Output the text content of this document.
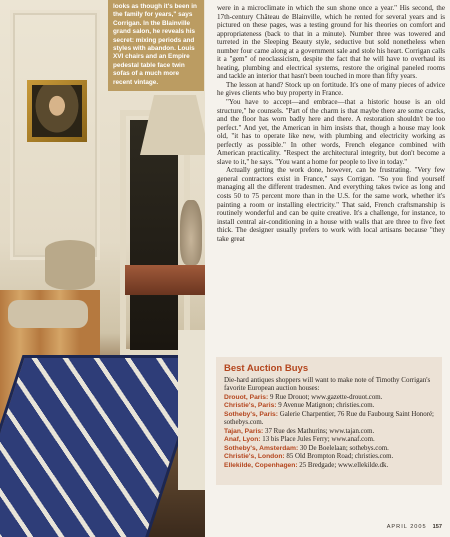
looks as though it's been in the family for years," says Corrigan. In the Blainville grand salon, he reveals his secret: mixing periods and styles with abandon. Louis XVI chairs and an Empire pedestal table face twin sofas of a much more recent vintage.

were in a microclimate in which the sun shone once a year." His second, the 17th-century Château de Blainville, which he rented for several years and is pictured on these pages, was a testing ground for his theories on comfort and appropriateness (back to that in a minute). Number three was towered and turreted in the Sleeping Beauty style, seductive but sold nonetheless when number four came along at a government sale and stole his heart. Corrigan calls it a "gem" of neoclassicism, despite the fact that he will have to overhaul its heating, plumbing and electrical systems, restore the original paneled rooms and tackle an interior that hasn't been touched in more than fifty years.

The lesson at hand? Stock up on fortitude. It's one of many pieces of advice he gives clients who buy property in France.

"You have to accept—and embrace—that a historic house is an old structure," he counsels. "Part of the charm is that maybe there are some cracks, and the floor has worn badly here and there. A restoration shouldn't be too perfect." And yet, the American in him insists that, though a house may look old, "it has to operate like new, with plumbing and electricity working as perfectly as possible." In other words, French elegance combined with American practicality. "Respect the architectural integrity, but don't become a slave to it," he says. "You want a home for people to live in today."

Actually getting the work done, however, can be frustrating. "Very few general contractors exist in France," says Corrigan. "So you find yourself managing all the different tradesmen. And everything takes twice as long and costs 50 to 75 percent more than in the U.S. for the same work, whether it's painting a room or installing electricity." That said, French craftsmanship is routinely wonderful and can be quite creative. It's a challenge, for instance, to install central air-conditioning in a house with walls that are three to five feet thick. The designer usually prefers to work with local artisans because "they take great

Best Auction Buys
Die-hard antiques shoppers will want to make note of Timothy Corrigan's favorite European auction houses:
Drouot, Paris: 9 Rue Drouot; www.gazette-drouot.com.
Christie's, Paris: 9 Avenue Matignon; christies.com.
Sotheby's, Paris: Galerie Charpentier, 76 Rue du Faubourg Saint Honoré; sothebys.com.
Tajan, Paris: 37 Rue des Mathurins; www.tajan.com.
Anaf, Lyon: 13 bis Place Jules Ferry; www.anaf.com.
Sotheby's, Amsterdam: 30 De Boelelaan; sothebys.com.
Christie's, London: 85 Old Brompton Road; christies.com.
Ellekilde, Copenhagen: 25 Bredgade; www.ellekilde.dk.
APRIL 2005 157
